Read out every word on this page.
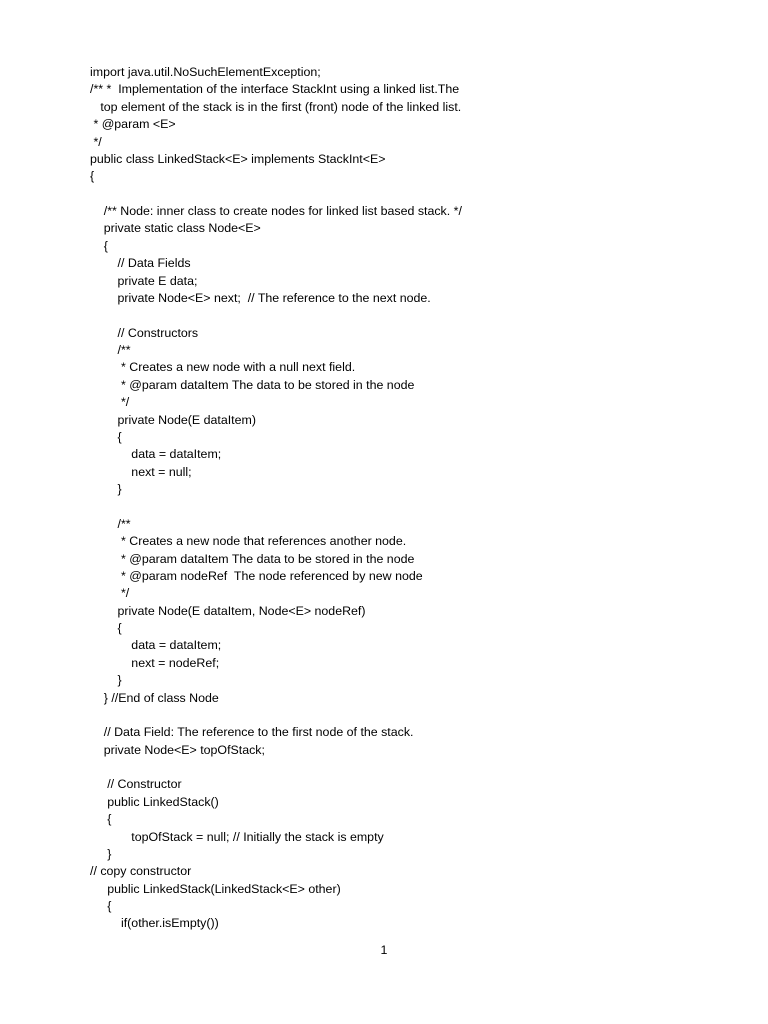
import java.util.NoSuchElementException;
/** *  Implementation of the interface StackInt using a linked list.The
top element of the stack is in the first (front) node of the linked list.
* @param <E>
*/
public class LinkedStack<E> implements StackInt<E>
{
/** Node: inner class to create nodes for linked list based stack. */
private static class Node<E>
{
// Data Fields
private E data;
private Node<E> next;  // The reference to the next node.
// Constructors
/**
* Creates a new node with a null next field.
* @param dataItem The data to be stored in the node
*/
private Node(E dataItem)
{
data = dataItem;
next = null;
}
/**
* Creates a new node that references another node.
* @param dataItem The data to be stored in the node
* @param nodeRef  The node referenced by new node
*/
private Node(E dataItem, Node<E> nodeRef)
{
data = dataItem;
next = nodeRef;
}
} //End of class Node
// Data Field: The reference to the first node of the stack.
private Node<E> topOfStack;
// Constructor
public LinkedStack()
{
topOfStack = null; // Initially the stack is empty
}
// copy constructor
public LinkedStack(LinkedStack<E> other)
{
if(other.isEmpty())
1
